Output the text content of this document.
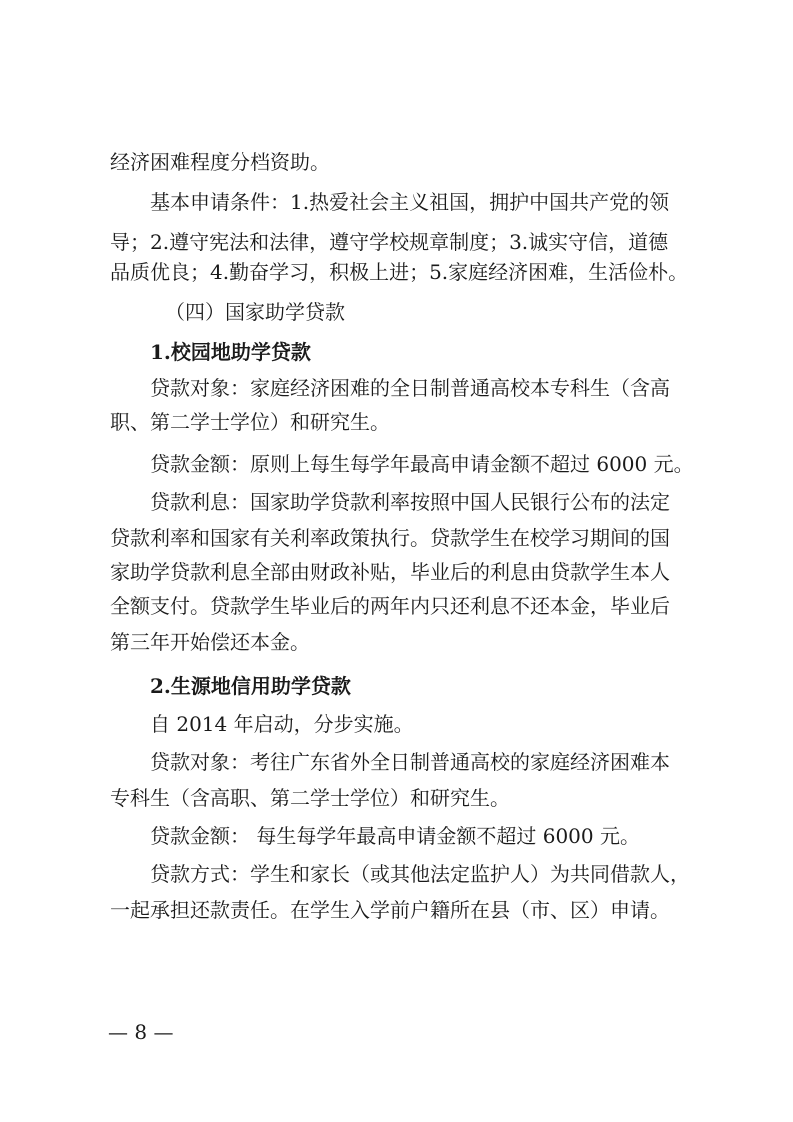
经济困难程度分档资助。
基本申请条件：1.热爱社会主义祖国，拥护中国共产党的领
导；2.遵守宪法和法律，遵守学校规章制度；3.诚实守信，道德
品质优良；4.勤奋学习，积极上进；5.家庭经济困难，生活俭朴。
（四）国家助学贷款
1.校园地助学贷款
贷款对象：家庭经济困难的全日制普通高校本专科生（含高
职、第二学士学位）和研究生。
贷款金额：原则上每生每学年最高申请金额不超过 6000 元。
贷款利息：国家助学贷款利率按照中国人民银行公布的法定
贷款利率和国家有关利率政策执行。贷款学生在校学习期间的国
家助学贷款利息全部由财政补贴，毕业后的利息由贷款学生本人
全额支付。贷款学生毕业后的两年内只还利息不还本金，毕业后
第三年开始偿还本金。
2.生源地信用助学贷款
自 2014 年启动，分步实施。
贷款对象：考往广东省外全日制普通高校的家庭经济困难本
专科生（含高职、第二学士学位）和研究生。
贷款金额： 每生每学年最高申请金额不超过 6000 元。
贷款方式：学生和家长（或其他法定监护人）为共同借款人，
一起承担还款责任。在学生入学前户籍所在县（市、区）申请。
— 8 —
